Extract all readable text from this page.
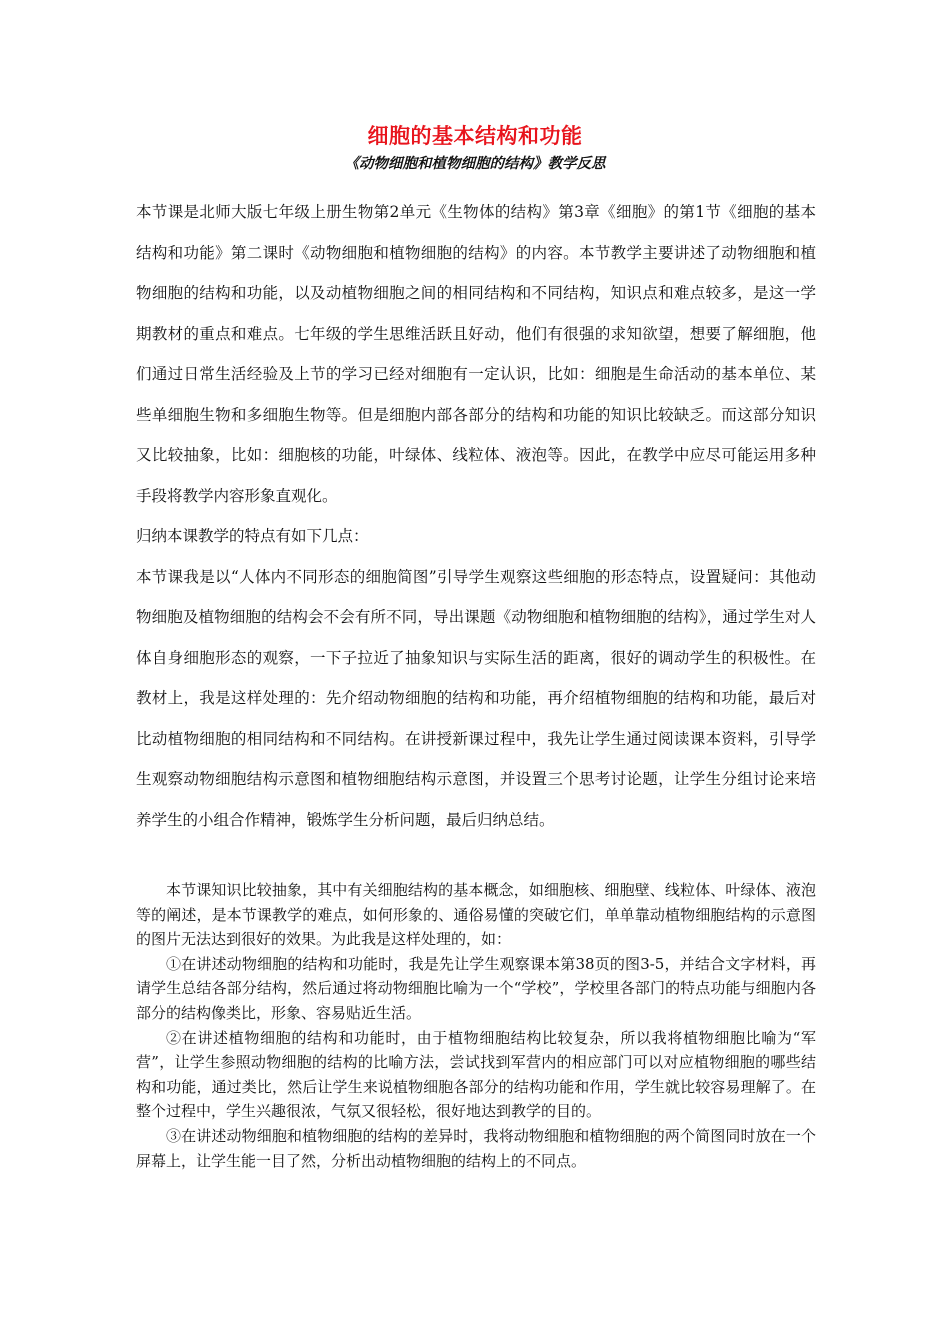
细胞的基本结构和功能
《动物细胞和植物细胞的结构》教学反思

本节课是北师大版七年级上册生物第2单元《生物体的结构》第3章《细胞》的第1节《细胞的基本结构和功能》第二课时《动物细胞和植物细胞的结构》的内容。本节教学主要讲述了动物细胞和植物细胞的结构和功能，以及动植物细胞之间的相同结构和不同结构，知识点和难点较多，是这一学期教材的重点和难点。七年级的学生思维活跃且好动，他们有很强的求知欲望，想要了解细胞，他们通过日常生活经验及上节的学习已经对细胞有一定认识，比如：细胞是生命活动的基本单位、某些单细胞生物和多细胞生物等。但是细胞内部各部分的结构和功能的知识比较缺乏。而这部分知识又比较抽象，比如：细胞核的功能，叶绿体、线粒体、液泡等。因此，在教学中应尽可能运用多种手段将教学内容形象直观化。

归纳本课教学的特点有如下几点：

本节课我是以“人体内不同形态的细胞简图”引导学生观察这些细胞的形态特点，设置疑问：其他动物细胞及植物细胞的结构会不会有所不同，导出课题《动物细胞和植物细胞的结构》，通过学生对人体自身细胞形态的观察，一下子拉近了抽象知识与实际生活的距离，很好的调动学生的积极性。在教材上，我是这样处理的：先介绍动物细胞的结构和功能，再介绍植物细胞的结构和功能，最后对比动植物细胞的相同结构和不同结构。在讲授新课过程中，我先让学生通过阅读课本资料，引导学生观察动物细胞结构示意图和植物细胞结构示意图，并设置三个思考讨论题，让学生分组讨论来培养学生的小组合作精神，锻炼学生分析问题，最后归纳总结。

本节课知识比较抽象，其中有关细胞结构的基本概念，如细胞核、细胞壁、线粒体、叶绿体、液泡等的阐述，是本节课教学的难点，如何形象的、通俗易懂的突破它们，单单靠动植物细胞结构的示意图的图片无法达到很好的效果。为此我是这样处理的，如：

①在讲述动物细胞的结构和功能时，我是先让学生观察课本第38页的图3-5，并结合文字材料，再请学生总结各部分结构，然后通过将动物细胞比喻为一个“学校”，学校里各部门的特点功能与细胞内各部分的结构像类比，形象、容易贴近生活。

②在讲述植物细胞的结构和功能时，由于植物细胞结构比较复杂，所以我将植物细胞比喻为“军营”，让学生参照动物细胞的结构的比喻方法，尝试找到军营内的相应部门可以对应植物细胞的哪些结构和功能，通过类比，然后让学生来说植物细胞各部分的结构功能和作用，学生就比较容易理解了。在整个过程中，学生兴趣很浓，气氛又很轻松，很好地达到教学的目的。

③在讲述动物细胞和植物细胞的结构的差异时，我将动物细胞和植物细胞的两个简图同时放在一个屏幕上，让学生能一目了然，分析出动植物细胞的结构上的不同点。
